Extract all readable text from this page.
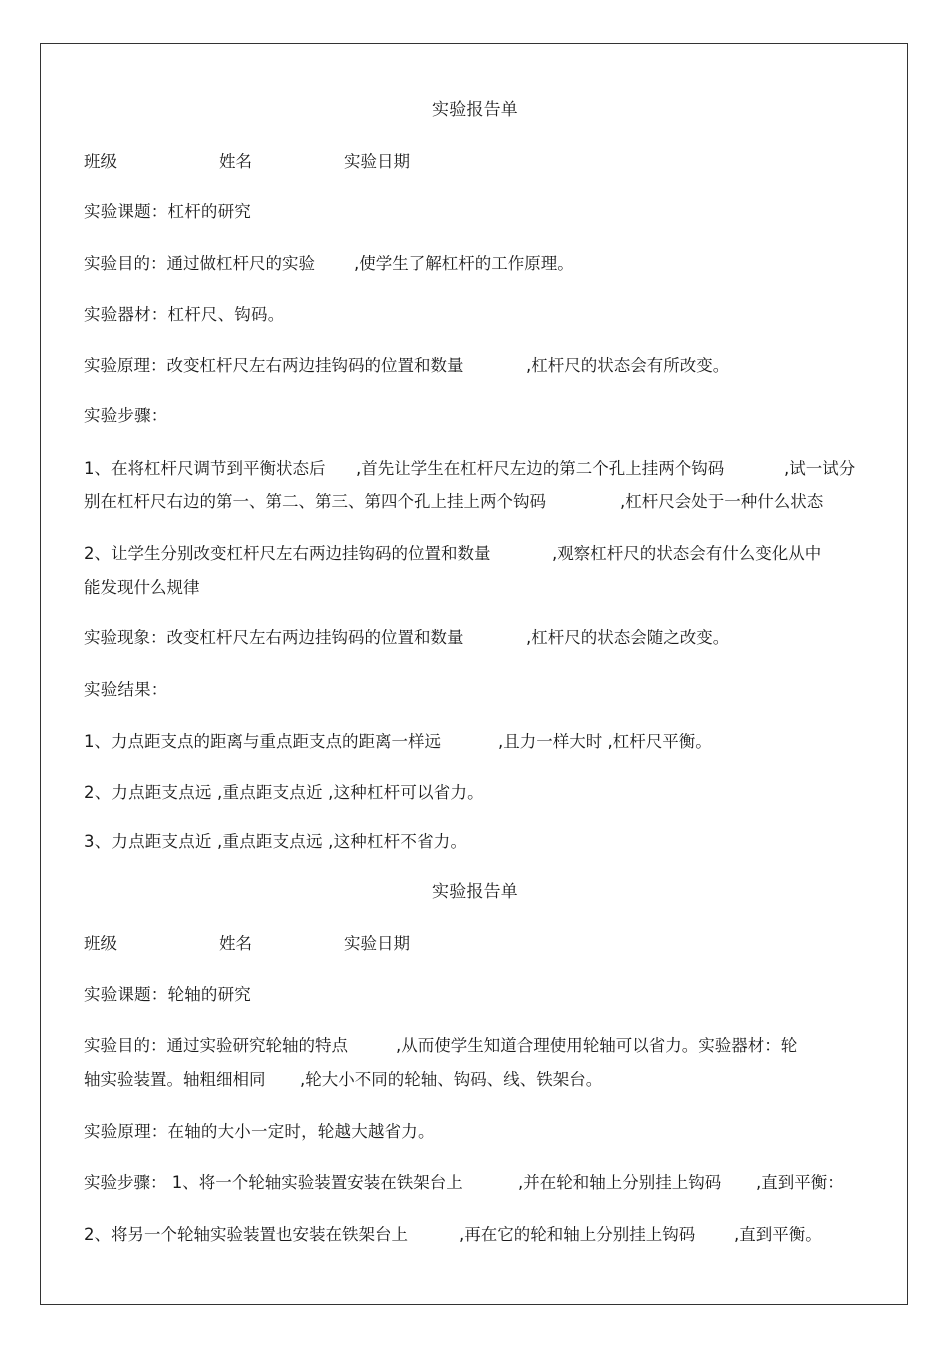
实验报告单
班级	姓名	实验日期
实验课题：杠杆的研究
实验目的：通过做杠杆尺的实验 ,使学生了解杠杆的工作原理。
实验器材：杠杆尺、钩码。
实验原理：改变杠杆尺左右两边挂钩码的位置和数量	,杠杆尺的状态会有所改变。
实验步骤：
1、在将杠杆尺调节到平衡状态后 ,首先让学生在杠杆尺左边的第二个孔上挂两个钩码	,试一试分
别在杠杆尺右边的第一、第二、第三、第四个孔上挂上两个钩码	,杠杆尺会处于一种什么状态
2、让学生分别改变杠杆尺左右两边挂钩码的位置和数量	,观察杠杆尺的状态会有什么变化从中
能发现什么规律
实验现象：改变杠杆尺左右两边挂钩码的位置和数量	,杠杆尺的状态会随之改变。
实验结果：
1、力点距支点的距离与重点距支点的距离一样远	,且力一样大时 ,杠杆尺平衡。
2、力点距支点远 ,重点距支点近 ,这种杠杆可以省力。
3、力点距支点近 ,重点距支点远 ,这种杠杆不省力。
实验报告单
班级	姓名	实验日期
实验课题：轮轴的研究
实验目的：通过实验研究轮轴的特点	,从而使学生知道合理使用轮轴可以省力。实验器材：轮
轴实验装置。轴粗细相同 ,轮大小不同的轮轴、钩码、线、铁架台。
实验原理：在轴的大小一定时，轮越大越省力。
实验步骤： 1、将一个轮轴实验装置安装在铁架台上	,并在轮和轴上分别挂上钩码 ,直到平衡：
2、将另一个轮轴实验装置也安装在铁架台上	,再在它的轮和轴上分别挂上钩码 ,直到平衡。
